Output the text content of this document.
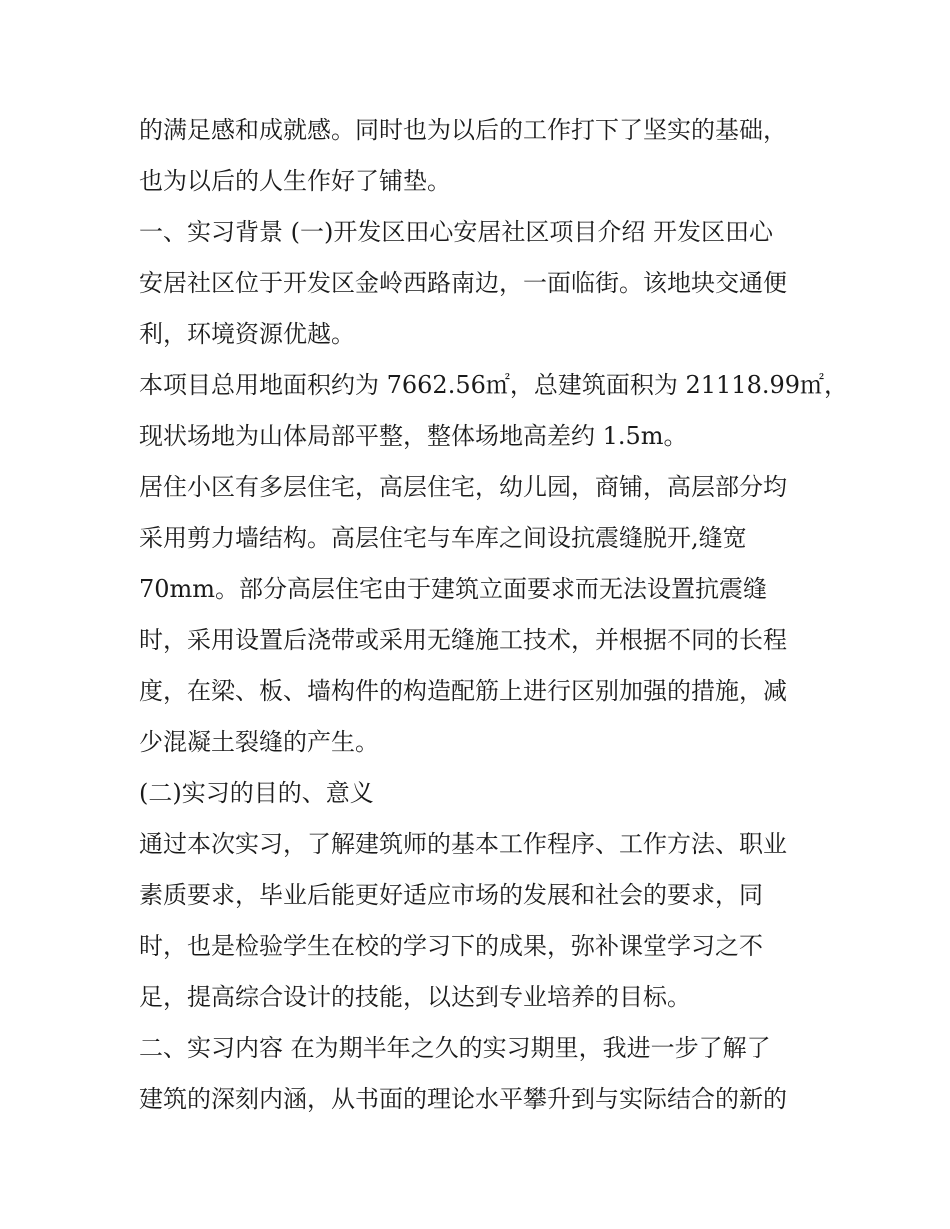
的满足感和成就感。同时也为以后的工作打下了坚实的基础，
也为以后的人生作好了铺垫。
一、实习背景 (一)开发区田心安居社区项目介绍 开发区田心
安居社区位于开发区金岭西路南边，一面临街。该地块交通便
利，环境资源优越。
本项目总用地面积约为 7662.56㎡，总建筑面积为 21118.99㎡，
现状场地为山体局部平整，整体场地高差约 1.5m。
居住小区有多层住宅，高层住宅，幼儿园，商铺，高层部分均
采用剪力墙结构。高层住宅与车库之间设抗震缝脱开,缝宽
70mm。部分高层住宅由于建筑立面要求而无法设置抗震缝
时，采用设置后浇带或采用无缝施工技术，并根据不同的长程
度，在梁、板、墙构件的构造配筋上进行区别加强的措施，减
少混凝土裂缝的产生。
(二)实习的目的、意义
通过本次实习，了解建筑师的基本工作程序、工作方法、职业
素质要求，毕业后能更好适应市场的发展和社会的要求，同
时，也是检验学生在校的学习下的成果，弥补课堂学习之不
足，提高综合设计的技能，以达到专业培养的目标。
二、实习内容 在为期半年之久的实习期里，我进一步了解了
建筑的深刻内涵，从书面的理论水平攀升到与实际结合的新的
